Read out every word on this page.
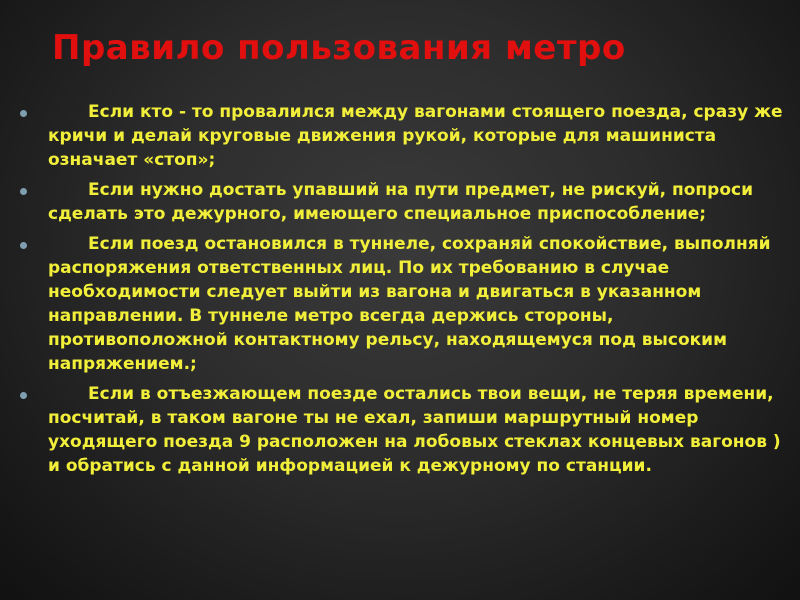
Правило пользования метро
Если кто - то провалился между вагонами стоящего поезда, сразу же кричи и делай круговые движения рукой, которые для машиниста означает «стоп»;
Если нужно достать упавший на пути предмет, не рискуй, попроси сделать это дежурного, имеющего специальное приспособление;
Если поезд остановился в туннеле, сохраняй спокойствие, выполняй распоряжения ответственных лиц. По их требованию в случае необходимости следует выйти из вагона и двигаться в указанном направлении. В туннеле метро всегда держись стороны, противоположной контактному рельсу, находящемуся под высоким напряжением.;
Если в отъезжающем поезде остались твои вещи, не теряя времени, посчитай, в таком вагоне ты не ехал, запиши маршрутный номер уходящего поезда 9 расположен на лобовых стеклах концевых вагонов ) и обратись с данной информацией к дежурному по станции.
